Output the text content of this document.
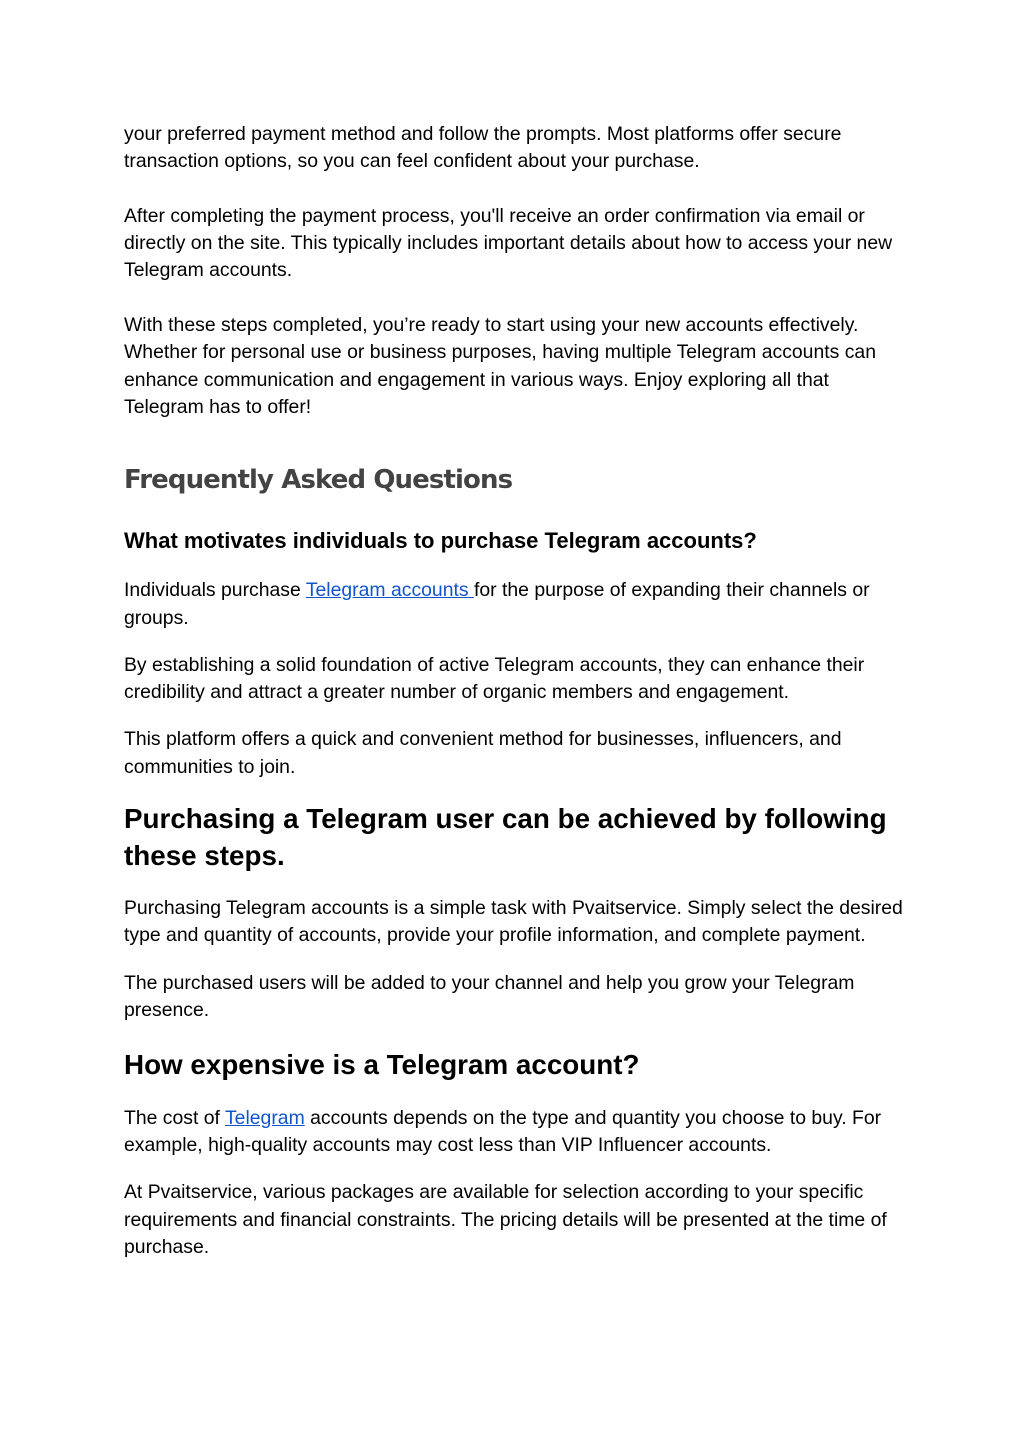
your preferred payment method and follow the prompts. Most platforms offer secure transaction options, so you can feel confident about your purchase.

After completing the payment process, you'll receive an order confirmation via email or directly on the site. This typically includes important details about how to access your new Telegram accounts.

With these steps completed, you’re ready to start using your new accounts effectively. Whether for personal use or business purposes, having multiple Telegram accounts can enhance communication and engagement in various ways. Enjoy exploring all that Telegram has to offer!

Frequently Asked Questions
What motivates individuals to purchase Telegram accounts?

Individuals purchase Telegram accounts for the purpose of expanding their channels or groups.

By establishing a solid foundation of active Telegram accounts, they can enhance their credibility and attract a greater number of organic members and engagement.

This platform offers a quick and convenient method for businesses, influencers, and communities to join.

Purchasing a Telegram user can be achieved by following these steps.

Purchasing Telegram accounts is a simple task with Pvaitservice. Simply select the desired type and quantity of accounts, provide your profile information, and complete payment.

The purchased users will be added to your channel and help you grow your Telegram presence.

How expensive is a Telegram account?

The cost of Telegram accounts depends on the type and quantity you choose to buy. For example, high-quality accounts may cost less than VIP Influencer accounts.

At Pvaitservice, various packages are available for selection according to your specific requirements and financial constraints. The pricing details will be presented at the time of purchase.
